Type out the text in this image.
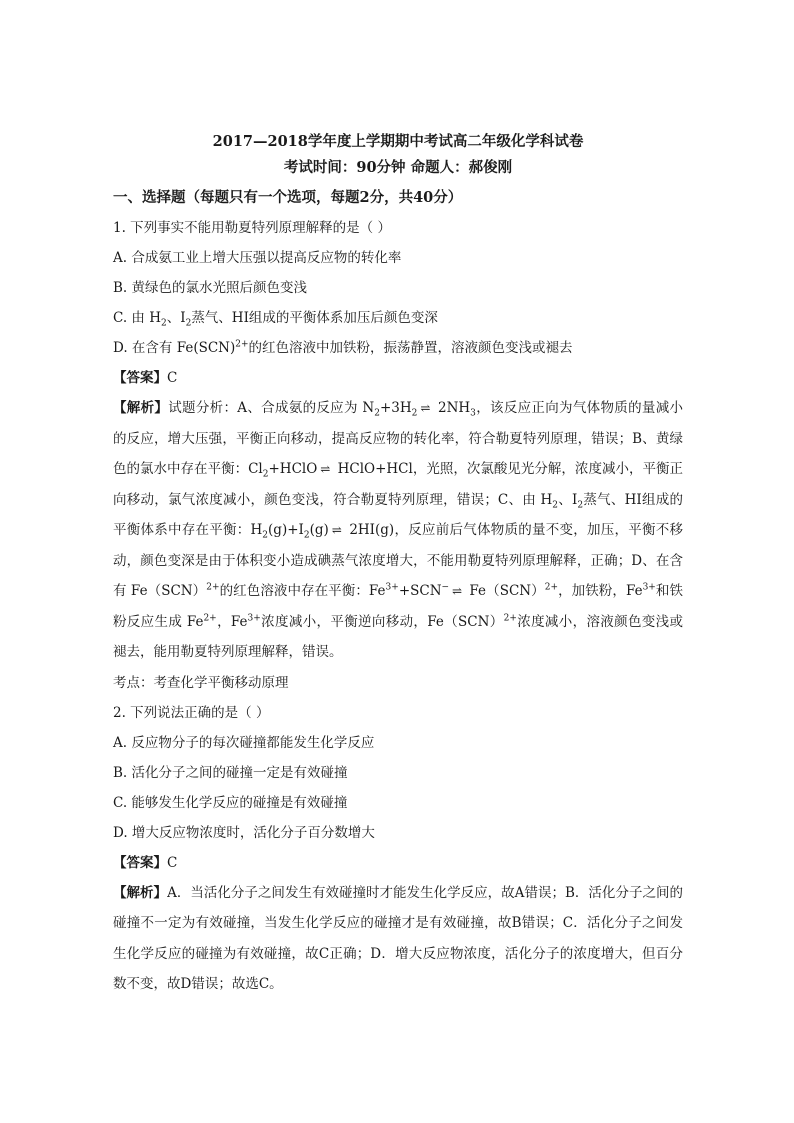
2017—2018学年度上学期期中考试高二年级化学科试卷
考试时间：90分钟 命题人：郝俊刚
一、选择题（每题只有一个选项，每题2分，共40分）
1. 下列事实不能用勒夏特列原理解释的是（ ）
A. 合成氨工业上增大压强以提高反应物的转化率
B. 黄绿色的氯水光照后颜色变浅
C. 由 $H_2$、$I_2$蒸气、HI组成的平衡体系加压后颜色变深
D. 在含有 Fe(SCN)$^{2+}$的红色溶液中加铁粉，振荡静置，溶液颜色变浅或褪去
【答案】C
【解析】试题分析：A、合成氨的反应为 $N_2+3H_2$ ⇌ $2NH_3$，该反应正向为气体物质的量减小的反应，增大压强，平衡正向移动，提高反应物的转化率，符合勒夏特列原理，错误；B、黄绿色的氯水中存在平衡：$Cl_2+HClO$ ⇌ HClO+HCl，光照，次氯酸见光分解，浓度减小，平衡正向移动，氯气浓度减小，颜色变浅，符合勒夏特列原理，错误；C、由 $H_2$、$I_2$蒸气、HI组成的平衡体系中存在平衡：$H_2(g)+I_2(g)$ ⇌ 2HI(g)，反应前后气体物质的量不变，加压，平衡不移动，颜色变深是由于体积变小造成碘蒸气浓度增大，不能用勒夏特列原理解释，正确；D、在含有 Fe（SCN）$^{2+}$的红色溶液中存在平衡：$Fe^{3+}+SCN^-$ ⇌ Fe（SCN）$^{2+}$，加铁粉，$Fe^{3+}$和铁粉反应生成 $Fe^{2+}$，$Fe^{3+}$浓度减小，平衡逆向移动，Fe（SCN）$^{2+}$浓度减小，溶液颜色变浅或褪去，能用勒夏特列原理解释，错误。
考点：考查化学平衡移动原理
2. 下列说法正确的是（ ）
A. 反应物分子的每次碰撞都能发生化学反应
B. 活化分子之间的碰撞一定是有效碰撞
C. 能够发生化学反应的碰撞是有效碰撞
D. 增大反应物浓度时，活化分子百分数增大
【答案】C
【解析】A．当活化分子之间发生有效碰撞时才能发生化学反应，故A错误；B．活化分子之间的碰撞不一定为有效碰撞，当发生化学反应的碰撞才是有效碰撞，故B错误；C．活化分子之间发生化学反应的碰撞为有效碰撞，故C正确；D．增大反应物浓度，活化分子的浓度增大，但百分数不变，故D错误；故选C。
